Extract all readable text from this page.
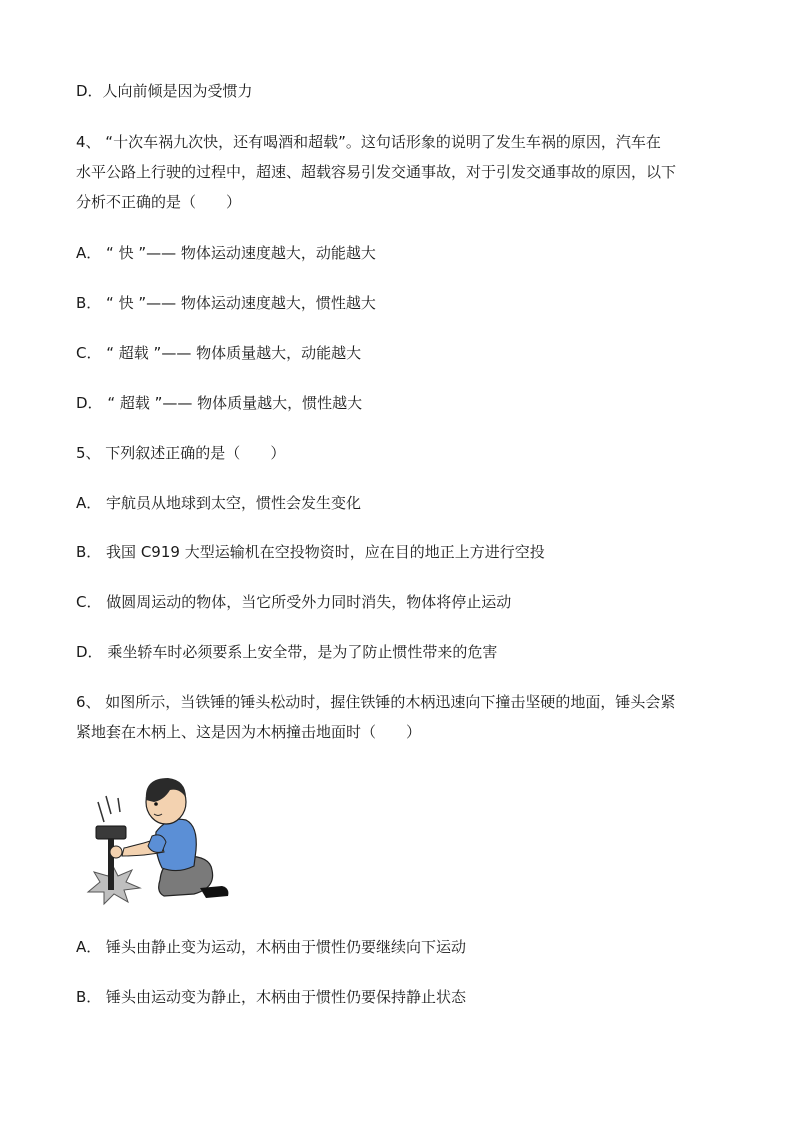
D．人向前倾是因为受惯力
4、 “十次车祸九次快，还有喝酒和超载”。这句话形象的说明了发生车祸的原因，汽车在
水平公路上行驶的过程中，超速、超载容易引发交通事故，对于引发交通事故的原因，以下
分析不正确的是（　　）
A． “ 快 ”—— 物体运动速度越大，动能越大
B． “ 快 ”—— 物体运动速度越大，惯性越大
C． “ 超载 ”—— 物体质量越大，动能越大
D． “ 超载 ”—— 物体质量越大，惯性越大
5、 下列叙述正确的是（　　）
A． 宇航员从地球到太空，惯性会发生变化
B． 我国 C919 大型运输机在空投物资时，应在目的地正上方进行空投
C． 做圆周运动的物体，当它所受外力同时消失，物体将停止运动
D． 乘坐轿车时必须要系上安全带，是为了防止惯性带来的危害
6、 如图所示，当铁锤的锤头松动时，握住铁锤的木柄迅速向下撞击坚硬的地面，锤头会紧
紧地套在木柄上、这是因为木柄撞击地面时（　　）
A． 锤头由静止变为运动，木柄由于惯性仍要继续向下运动
B． 锤头由运动变为静止，木柄由于惯性仍要保持静止状态
